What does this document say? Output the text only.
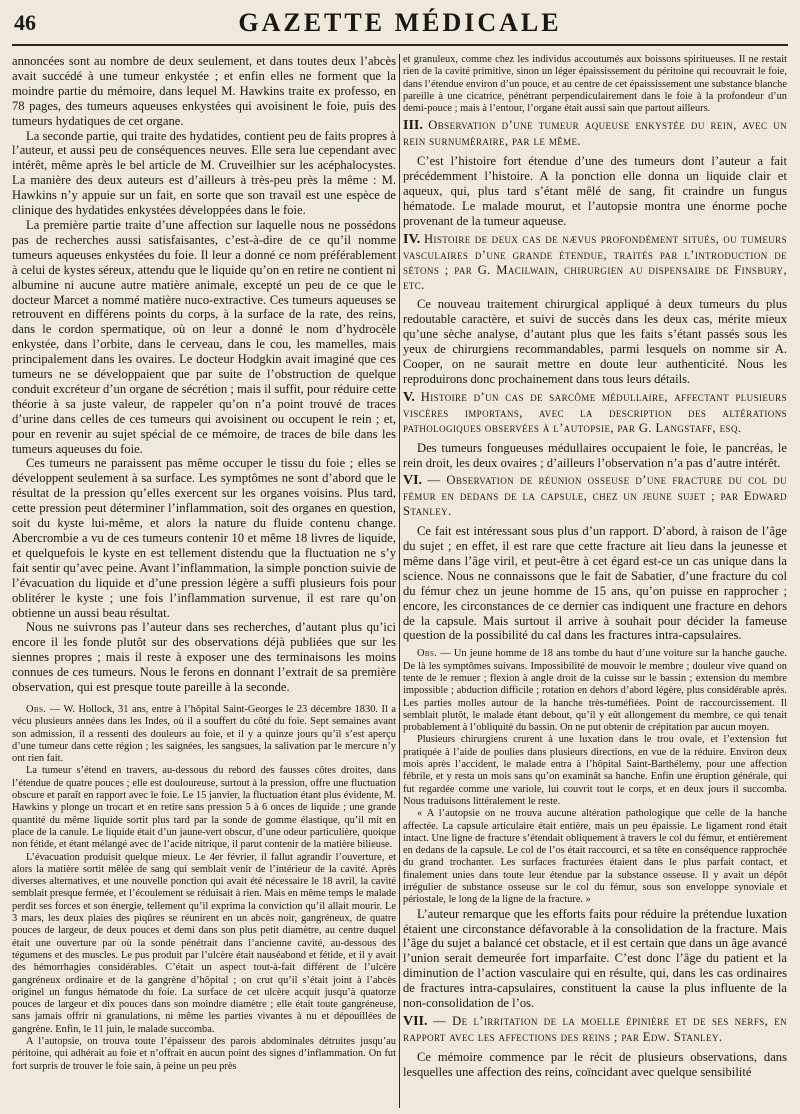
46	GAZETTE MÉDICALE

annoncées sont au nombre de deux seulement, et dans toutes deux l’abcès avait succédé à une tumeur enkystée ; et enfin elles ne forment que la moindre partie du mémoire, dans lequel M. Hawkins traite ex professo, en 78 pages, des tumeurs aqueuses enkystées qui avoisinent le foie, puis des tumeurs hydatiques de cet organe.

La seconde partie, qui traite des hydatides, contient peu de faits propres à l’auteur, et aussi peu de conséquences neuves. Elle sera lue cependant avec intérêt, même après le bel article de M. Cruveilhier sur les acéphalocystes. La manière des deux auteurs est d’ailleurs à très-peu près la même : M. Hawkins n’y appuie sur un fait, en sorte que son travail est une espèce de clinique des hydatides enkystées développées dans le foie.

La première partie traite d’une affection sur laquelle nous ne possédons pas de recherches aussi satisfaisantes, c’est-à-dire de ce qu’il nomme tumeurs aqueuses enkystées du foie. Il leur a donné ce nom préférablement à celui de kystes séreux, attendu que le liquide qu’on en retire ne contient ni albumine ni aucune autre matière animale, excepté un peu de ce que le docteur Marcet a nommé matière nuco-extractive. Ces tumeurs aqueuses se retrouvent en différens points du corps, à la surface de la rate, des reins, dans le cordon spermatique, où on leur a donné le nom d’hydrocèle enkystée, dans l’orbite, dans le cerveau, dans le cou, les mamelles, mais principalement dans les ovaires. Le docteur Hodgkin avait imaginé que ces tumeurs ne se développaient que par suite de l’obstruction de quelque conduit excréteur d’un organe de sécrétion ; mais il suffit, pour réduire cette théorie à sa juste valeur, de rappeler qu’on n’a point trouvé de traces d’urine dans celles de ces tumeurs qui avoisinent ou occupent le rein ; et, pour en revenir au sujet spécial de ce mémoire, de traces de bile dans les tumeurs aqueuses du foie.

Ces tumeurs ne paraissent pas même occuper le tissu du foie ; elles se développent seulement à sa surface. Les symptômes ne sont d’abord que le résultat de la pression qu’elles exercent sur les organes voisins. Plus tard, cette pression peut déterminer l’inflammation, soit des organes en question, soit du kyste lui-même, et alors la nature du fluide contenu change. Abercrombie a vu de ces tumeurs contenir 10 et même 18 livres de liquide, et quelquefois le kyste en est tellement distendu que la fluctuation ne s’y fait sentir qu’avec peine. Avant l’inflammation, la simple ponction suivie de l’évacuation du liquide et d’une pression légère a suffi plusieurs fois pour oblitérer le kyste ; une fois l’inflammation survenue, il est rare qu’on obtienne un aussi beau résultat.

Nous ne suivrons pas l’auteur dans ses recherches, d’autant plus qu’ici encore il les fonde plutôt sur des observations déjà publiées que sur les siennes propres ; mais il reste à exposer une des terminaisons les moins connues de ces tumeurs. Nous le ferons en donnant l’extrait de sa première observation, qui est presque toute pareille à la seconde.

Obs. — W. Hollock, 31 ans, entre à l’hôpital Saint-Georges le 23 décembre 1830. Il a vécu plusieurs années dans les Indes, où il a souffert du côté du foie. Sept semaines avant son admission, il a ressenti des douleurs au foie, et il y a quinze jours qu’il s’est aperçu d’une tumeur dans cette région ; les saignées, les sangsues, la salivation par le mercure n’y ont rien fait.

La tumeur s’étend en travers, au-dessous du rebord des fausses côtes droites, dans l’étendue de quatre pouces ; elle est douloureuse, surtout à la pression, offre une fluctuation obscure et paraît en rapport avec le foie. Le 15 janvier, la fluctuation étant plus évidente, M. Hawkins y plonge un trocart et en retire sans pression 5 à 6 onces de liquide ; une grande quantité du même liquide sortit plus tard par la sonde de gomme élastique, qu’il mit en place de la canule. Le liquide était d’un jaune-vert obscur, d’une odeur particulière, quoique non fétide, et étant mélangé avec de l’acide nitrique, il parut contenir de la matière bilieuse.

L’évacuation produisit quelque mieux. Le 4er février, il fallut agrandir l’ouverture, et alors la matière sortit mêlée de sang qui semblait venir de l’intérieur de la cavité. Après diverses alternatives, et une nouvelle ponction qui avait été nécessaire le 18 avril, la cavité semblait presque fermée, et l’écoulement se réduisait à rien. Mais en même temps le malade perdit ses forces et son énergie, tellement qu’il exprima la conviction qu’il allait mourir. Le 3 mars, les deux plaies des piqûres se réunirent en un abcès noir, gangréneux, de quatre pouces de largeur, de deux pouces et demi dans son plus petit diamètre, au centre duquel était une ouverture par où la sonde pénétrait dans l’ancienne cavité, au-dessous des tégumens et des muscles. Le pus produit par l’ulcère était nauséabond et fétide, et il y avait des hémorrhagies considérables. C’était un aspect tout-à-fait différent de l’ulcère gangréneux ordinaire et de la gangrène d’hôpital ; on crut qu’il s’était joint à l’abcès originel un fungus hématode du foie. La surface de cet ulcère acquit jusqu’à quatorze pouces de largeur et dix pouces dans son moindre diamètre ; elle était toute gangréneuse, sans jamais offrir ni granulations, ni même les parties vivantes à nu et dépouillées de gangrène. Enfin, le 11 juin, le malade succomba.

A l’autopsie, on trouva toute l’épaisseur des parois abdominales détruites jusqu’au péritoine, qui adhérait au foie et n’offrait en aucun point des signes d’inflammation. On fut fort surpris de trouver le foie sain, à peine un peu près

et granuleux, comme chez les individus accoutumés aux boissons spiritueuses. Il ne restait rien de la cavité primitive, sinon un léger épaississement du péritoine qui recouvrait le foie, dans l’étendue environ d’un pouce, et au centre de cet épaississement une substance blanche pareille à une cicatrice, pénétrant perpendiculairement dans le foie à la profondeur d’un demi-pouce ; mais à l’entour, l’organe était aussi sain que partout ailleurs.

III. Observation d’une tumeur aqueuse enkystée du rein, avec un rein surnuméraire, par le même.

C’est l’histoire fort étendue d’une des tumeurs dont l’auteur a fait précédemment l’histoire. A la ponction elle donna un liquide clair et aqueux, qui, plus tard s’étant mêlé de sang, fit craindre un fungus hématode. Le malade mourut, et l’autopsie montra une énorme poche provenant de la tumeur aqueuse.

IV. Histoire de deux cas de nævus profondément situés, ou tumeurs vasculaires d’une grande étendue, traités par l’introduction de sétons ; par G. Macilwain, chirurgien au dispensaire de Finsbury, etc.

Ce nouveau traitement chirurgical appliqué à deux tumeurs du plus redoutable caractère, et suivi de succès dans les deux cas, mérite mieux qu’une sèche analyse, d’autant plus que les faits s’étant passés sous les yeux de chirurgiens recommandables, parmi lesquels on nomme sir A. Cooper, on ne saurait mettre en doute leur authenticité. Nous les reproduirons donc prochainement dans tous leurs détails.

V. Histoire d’un cas de sarcôme médullaire, affectant plusieurs viscères importans, avec la description des altérations pathologiques observées à l’autopsie, par G. Langstaff, esq.

Des tumeurs fongueuses médullaires occupaient le foie, le pancréas, le rein droit, les deux ovaires ; d’ailleurs l’observation n’a pas d’autre intérêt.

VI. — Observation de réunion osseuse d’une fracture du col du fémur en dedans de la capsule, chez un jeune sujet ; par Edward Stanley.

Ce fait est intéressant sous plus d’un rapport. D’abord, à raison de l’âge du sujet ; en effet, il est rare que cette fracture ait lieu dans la jeunesse et même dans l’âge viril, et peut-être à cet égard est-ce un cas unique dans la science. Nous ne connaissons que le fait de Sabatier, d’une fracture du col du fémur chez un jeune homme de 15 ans, qu’on puisse en rapprocher ; encore, les circonstances de ce dernier cas indiquent une fracture en dehors de la capsule. Mais surtout il arrive à souhait pour décider la fameuse question de la possibilité du cal dans les fractures intra-capsulaires.

Obs. — Un jeune homme de 18 ans tombe du haut d’une voiture sur la hanche gauche. De là les symptômes suivans. Impossibilité de mouvoir le membre ; douleur vive quand on tente de le remuer ; flexion à angle droit de la cuisse sur le bassin ; extension du membre impossible ; abduction difficile ; rotation en dehors d’abord légère, plus considérable après. Les parties molles autour de la hanche très-tuméfiées. Point de raccourcissement. Il semblait plutôt, le malade étant debout, qu’il y eût allongement du membre, ce qui tenait probablement à l’obliquité du bassin. On ne put obtenir de crépitation par aucun moyen.

Plusieurs chirurgiens crurent à une luxation dans le trou ovale, et l’extension fut pratiquée à l’aide de poulies dans plusieurs directions, en vue de la réduire. Environ deux mois après l’accident, le malade entra à l’hôpital Saint-Barthélemy, pour une affection fébrile, et y resta un mois sans qu’on examinât sa hanche. Enfin une éruption générale, qui fut regardée comme une variole, lui couvrit tout le corps, et en deux jours il succomba. Nous traduisons littéralement le reste.

« A l’autopsie on ne trouva aucune altération pathologique que celle de la hanche affectée. La capsule articulaire était entière, mais un peu épaissie. Le ligament rond était intact. Une ligne de fracture s’étendait obliquement à travers le col du fémur, et entièrement en dedans de la capsule. Le col de l’os était raccourci, et sa tête en conséquence rapprochée du grand trochanter. Les surfaces fracturées étaient dans le plus parfait contact, et finalement unies dans toute leur étendue par la substance osseuse. Il y avait un dépôt irrégulier de substance osseuse sur le col du fémur, sous son enveloppe synoviale et périostale, le long de la ligne de la fracture. »

L’auteur remarque que les efforts faits pour réduire la prétendue luxation étaient une circonstance défavorable à la consolidation de la fracture. Mais l’âge du sujet a balancé cet obstacle, et il est certain que dans un âge avancé l’union serait demeurée fort imparfaite. C’est donc l’âge du patient et la diminution de l’action vasculaire qui en résulte, qui, dans les cas ordinaires de fractures intra-capsulaires, constituent la cause la plus influente de la non-consolidation de l’os.

VII. — De l’irritation de la moelle épinière et de ses nerfs, en rapport avec les affections des reins ; par Edw. Stanley.

Ce mémoire commence par le récit de plusieurs observations, dans lesquelles une affection des reins, coïncidant avec quelque sensibilité
